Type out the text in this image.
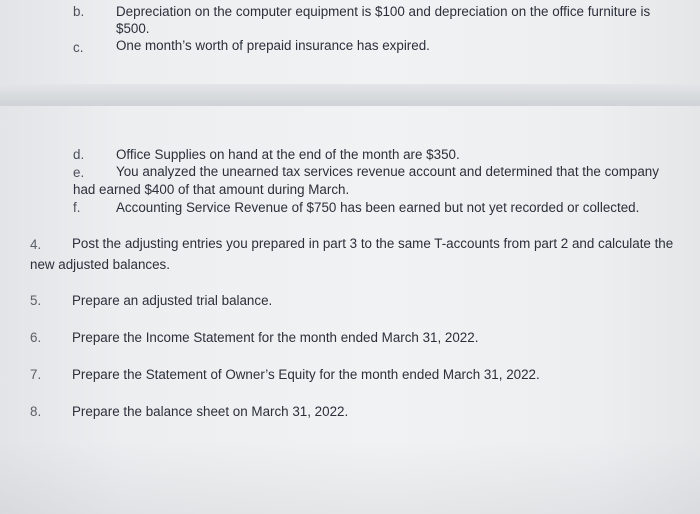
b. Depreciation on the computer equipment is $100 and depreciation on the office furniture is
$500.
c. One month’s worth of prepaid insurance has expired.
d. Office Supplies on hand at the end of the month are $350.
e. You analyzed the unearned tax services revenue account and determined that the company
had earned $400 of that amount during March.
f.	Accounting Service Revenue of $750 has been earned but not yet recorded or collected.
4. Post the adjusting entries you prepared in part 3 to the same T-accounts from part 2 and calculate the
new adjusted balances.
5. Prepare an adjusted trial balance.
6. Prepare the Income Statement for the month ended March 31, 2022.
7. Prepare the Statement of Owner’s Equity for the month ended March 31, 2022.
8. Prepare the balance sheet on March 31, 2022.
